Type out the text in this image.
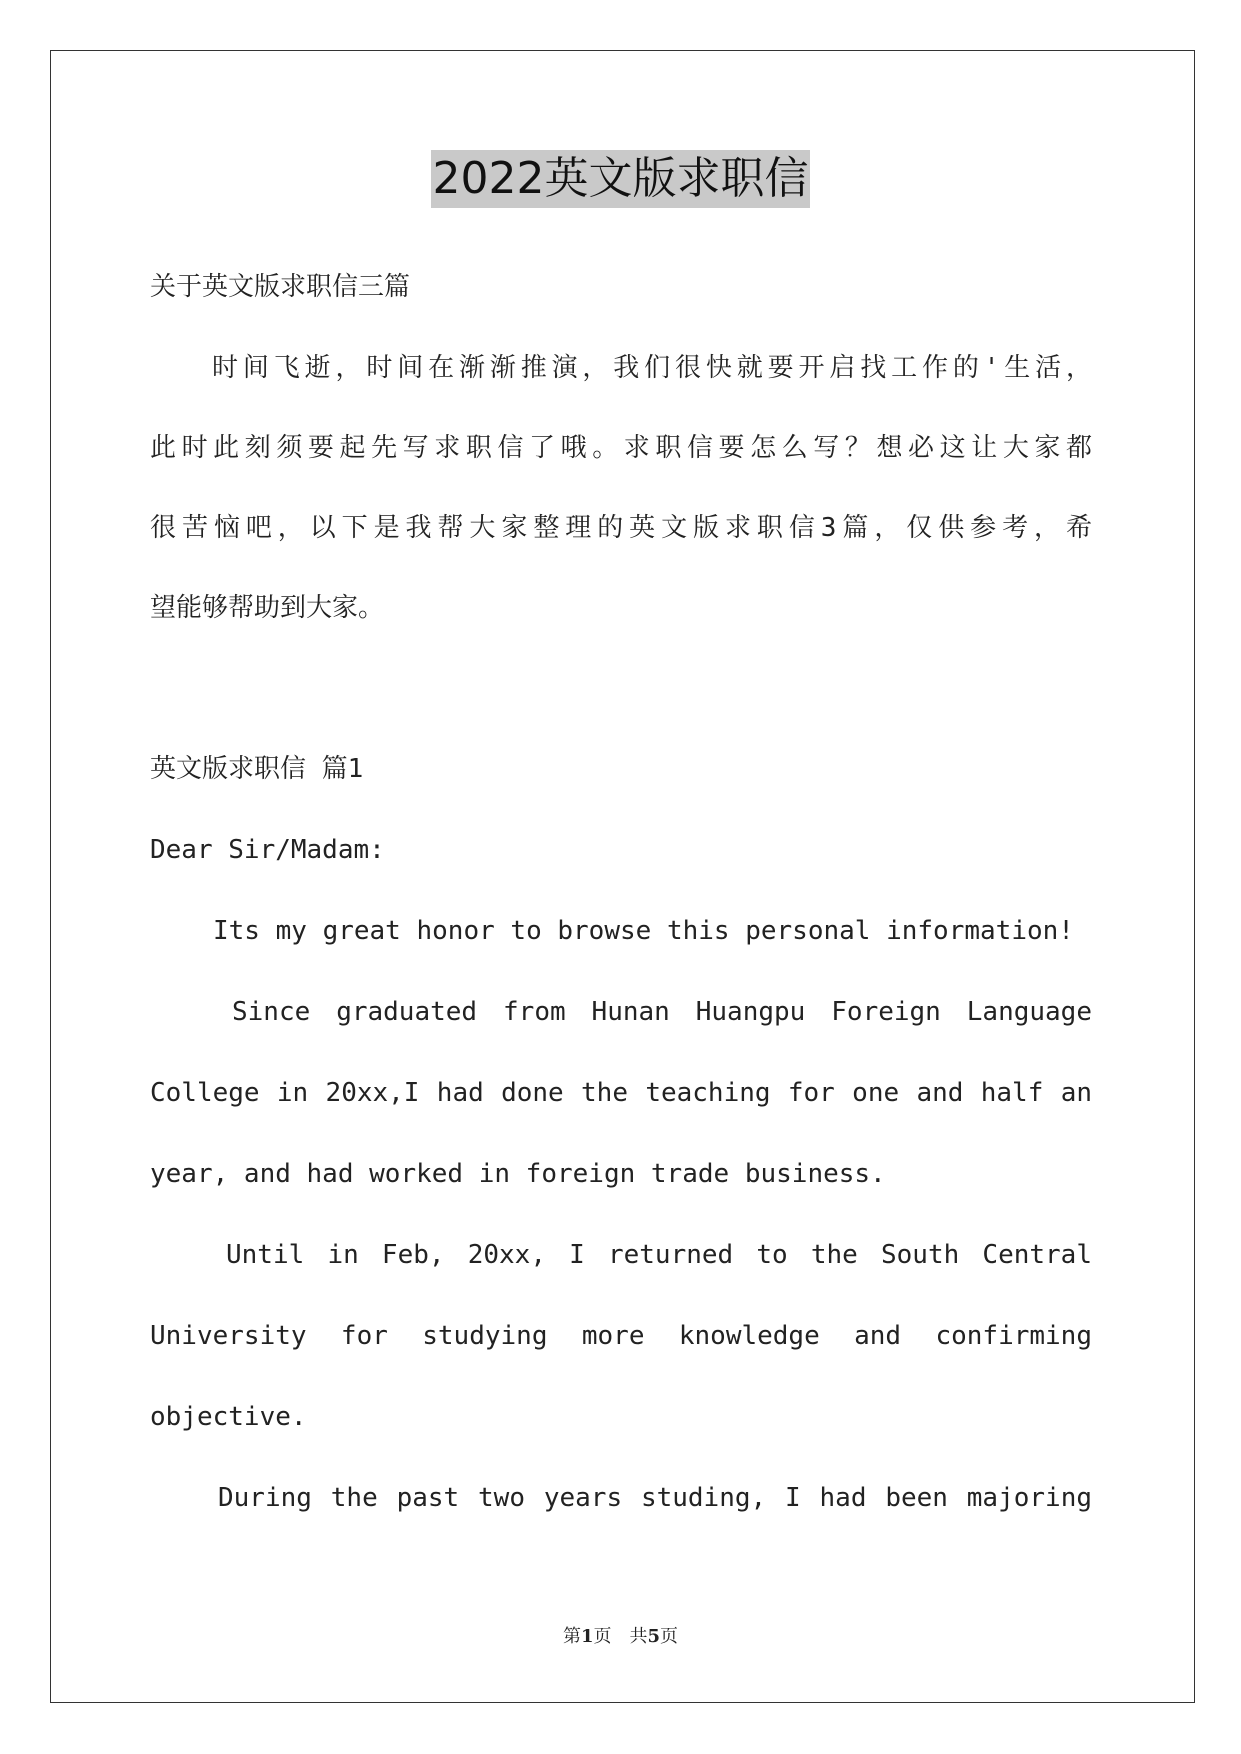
2022英文版求职信
关于英文版求职信三篇
时间飞逝，时间在渐渐推演，我们很快就要开启找工作的'生活，
此时此刻须要起先写求职信了哦。求职信要怎么写？想必这让大家都
很苦恼吧，以下是我帮大家整理的英文版求职信3篇，仅供参考，希
望能够帮助到大家。
英文版求职信 篇1
Dear Sir/Madam:
Its my great honor to browse this personal information!
Since graduated from Hunan Huangpu Foreign Language
College in 20xx,I had done the teaching for one and half an
year, and had worked in foreign trade business.
Until in Feb, 20xx, I returned to the South Central
University for studying more knowledge and confirming
objective.
During the past two years studing, I had been majoring
第1页　共5页
